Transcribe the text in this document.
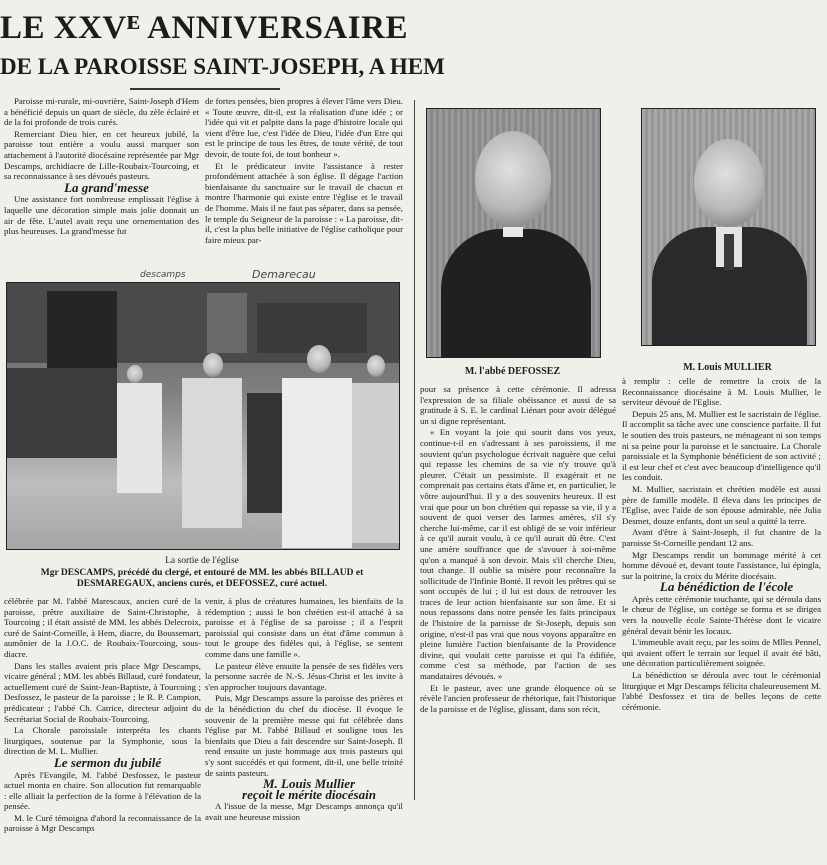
LE XXVᴱ ANNIVERSAIRE
DE LA PAROISSE SAINT-JOSEPH, A HEM

Paroisse mi-rurale, mi-ouvrière, Saint-Joseph d'Hem a bénéficié depuis un quart de siècle, du zèle éclairé et de la foi profonde de trois curés.

Remerciant Dieu hier, en cet heureux jubilé, la paroisse tout entière a voulu aussi marquer son attachement à l'autorité diocésaine représentée par Mgr Descamps, archidiacre de Lille-Roubaix-Tourcoing, et sa reconnaissance à ses dévoués pasteurs.

La grand'messe

Une assistance fort nombreuse emplissait l'église à laquelle une décoration simple mais jolie donnait un air de fête. L'autel avait reçu une ornementation des plus heureuses. La grand'messe fut

de fortes pensées, bien propres à élever l'âme vers Dieu. « Toute œuvre, dit-il, est la réalisation d'une idée ; or l'idée qui vit et palpite dans la page d'histoire locale qui vient d'être lue, c'est l'idée de Dieu, l'idée d'un Etre qui est le principe de tous les êtres, de toute vérité, de tout devoir, de toute foi, de tout bonheur ».

Et le prédicateur invite l'assistance à rester profondément attachée à son église. Il dégage l'action bienfaisante du sanctuaire sur le travail de chacun et montre l'harmonie qui existe entre l'église et le travail de l'homme. Mais il ne faut pas séparer, dans sa pensée, le temple du Seigneur de la paroisse : « La paroisse, dit-il, c'est la plus belle initiative de l'église catholique pour faire mieux par-

descamps	Demarecau
La sortie de l'église
Mgr DESCAMPS, précédé du clergé, et entouré de MM. les abbés BILLAUD et DESMAREGAUX, anciens curés, et DEFOSSEZ, curé actuel.

célébrée par M. l'abbé Marescaux, ancien curé de la paroisse, prêtre auxiliaire de Saint-Christophe, à Tourcoing ; il était assisté de MM. les abbés Delecroix, curé de Saint-Corneille, à Hem, diacre, du Boussemart, aumônier de la J.O.C. de Roubaix-Tourcoing, sous-diacre.

Dans les stalles avaient pris place Mgr Descamps, vicaire général ; MM. les abbés Billaud, curé fondateur, actuellement curé de Saint-Jean-Baptiste, à Tourcoing ; Desfossez, le pasteur de la paroisse ; le R. P. Campion, prédicateur ; l'abbé Ch. Catrice, directeur adjoint du Secrétariat Social de Roubaix-Tourcoing.

La Chorale paroissiale interpréta les chants liturgiques, soutenue par la Symphonie, sous la direction de M. L. Mullier.

Le sermon du jubilé

Après l'Evangile, M. l'abbé Desfossez, le pasteur actuel monta en chaire. Son allocution fut remarquable : elle alliait la perfection de la forme à l'élévation de la pensée.

M. le Curé témoigna d'abord la reconnaissance de la paroisse à Mgr Descamps

venir, à plus de créatures humaines, les bienfaits de la rédemption ; aussi le bon chrétien est-il attaché à sa paroisse et à l'église de sa paroisse ; il a l'esprit paroissial qui consiste dans un état d'âme commun à tout le groupe des fidèles qui, à l'église, se sentent comme dans une famille ».

Le pasteur élève ensuite la pensée de ses fidèles vers la personne sacrée de N.-S. Jésus-Christ et les invite à s'en approcher toujours davantage.

Puis, Mgr Descamps assure la paroisse des prières et de la bénédiction du chef du diocèse. Il évoque le souvenir de la première messe qui fut célébrée dans l'église par M. l'abbé Billaud et souligne tous les bienfaits que Dieu a fait descendre sur Saint-Joseph. Il rend ensuite un juste hommage aux trois pasteurs qui s'y sont succédés et qui forment, dit-il, une belle trinité de saints pasteurs.

M. Louis Mullier

reçoit le mérite diocésain

A l'issue de la messe, Mgr Descamps annonça qu'il avait une heureuse mission

M. l'abbé DEFOSSEZ	M. Louis MULLIER

pour sa présence à cette cérémonie. Il adressa l'expression de sa filiale obéissance et aussi de sa gratitude à S. E. le cardinal Liénart pour avoir délégué un si digne représentant.

« En voyant la joie qui sourit dans vos yeux, continue-t-il en s'adressant à ses paroissiens, il me souvient qu'un psychologue écrivait naguère que celui qui repasse les chemins de sa vie n'y trouve qu'à pleurer. C'était un pessimiste. Il exagérait et ne comprenait pas certains états d'âme et, en particulier, le vôtre aujourd'hui. Il y a des souvenirs heureux. Il est vrai que pour un bon chrétien qui repasse sa vie, il y a souvent de quoi verser des larmes amères, s'il s'y cherche lui-même, car il est obligé de se voir inférieur à ce qu'il aurait voulu, à ce qu'il aurait dû être. C'est une amère souffrance que de s'avouer à soi-même qu'on a manqué à son devoir. Mais s'il cherche Dieu, tout change. Il oublie sa misère pour reconnaître la sollicitude de l'Infinie Bonté. Il revoit les prêtres qui se sont occupés de lui ; il lui est doux de retrouver les traces de leur action bienfaisante sur son âme. Et si nous repassons dans notre pensée les faits principaux de l'histoire de la paroisse de St-Joseph, depuis son origine, n'est-il pas vrai que nous voyons apparaître en pleine lumière l'action bienfaisante de la Providence divine, qui voulait cette paroisse et qui l'a édifiée, comme c'est sa méthode, par l'action de ses mandataires dévoués. »

Et le pasteur, avec une grande éloquence où se révèle l'ancien professeur de rhétorique, fait l'historique de la paroisse et de l'église, glissant, dans son récit,

à remplir : celle de remettre la croix de la Reconnaissance diocésaine à M. Louis Mullier, le serviteur dévoué de l'Eglise.

Depuis 25 ans, M. Mullier est le sacristain de l'église. Il accomplit sa tâche avec une conscience parfaite. Il fut le soutien des trois pasteurs, ne ménageant ni son temps ni sa peine pour la paroisse et le sanctuaire. La Chorale paroissiale et la Symphonie bénéficient de son activité ; il est leur chef et c'est avec beaucoup d'intelligence qu'il les conduit.

M. Mullier, sacristain et chrétien modèle est aussi père de famille modèle. Il éleva dans les principes de l'Eglise, avec l'aide de son épouse admirable, née Julia Desmet, douze enfants, dont un seul a quitté la terre.

Avant d'être à Saint-Joseph, il fut chantre de la paroisse St-Corneille pendant 12 ans.

Mgr Descamps rendit un hommage mérité à cet homme dévoué et, devant toute l'assistance, lui épingla, sur la poitrine, la croix du Mérite diocésain.

La bénédiction de l'école

Après cette cérémonie touchante, qui se déroula dans le chœur de l'église, un cortège se forma et se dirigea vers la nouvelle école Sainte-Thérèse dont le vicaire général devait bénir les locaux.

L'immeuble avait reçu, par les soins de Mlles Pennel, qui avaient offert le terrain sur lequel il avait été bâti, une décoration particulièrement soignée.

La bénédiction se déroula avec tout le cérémonial liturgique et Mgr Descamps félicita chaleureusement M. l'abbé Desfossez et tira de belles leçons de cette cérémonie.
